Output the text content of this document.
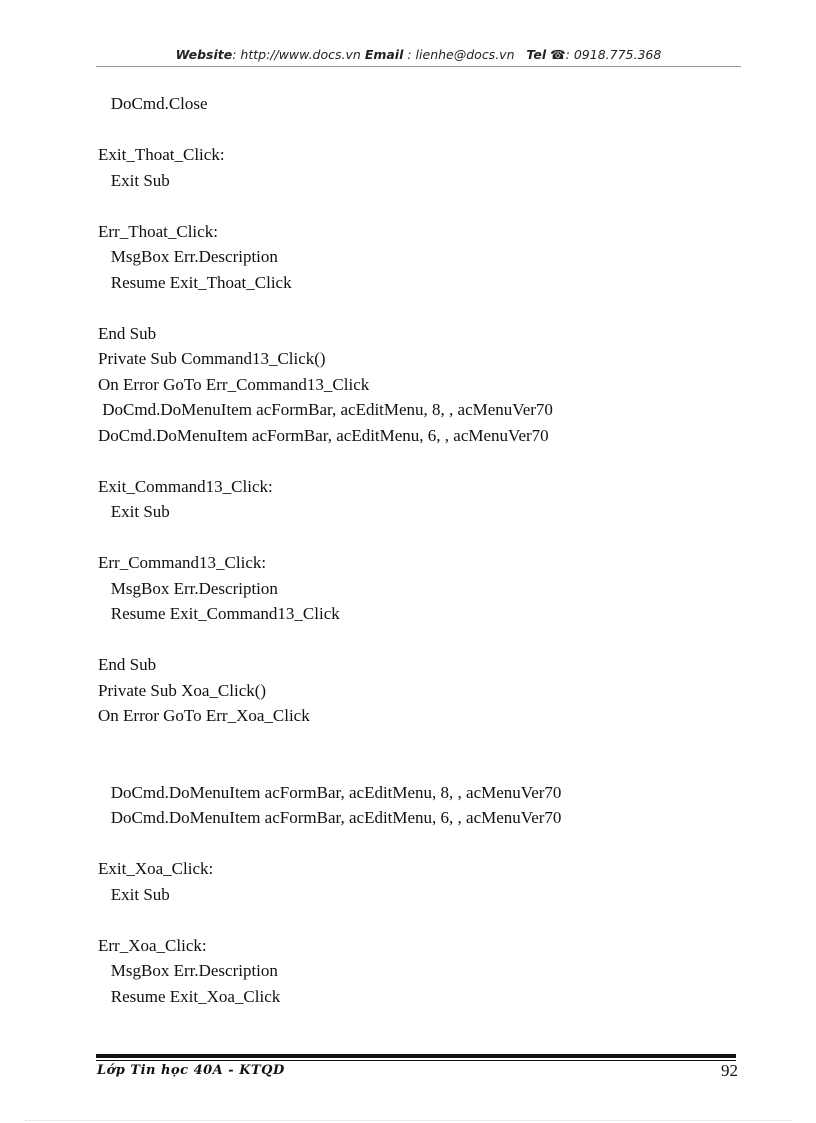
Website: http://www.docs.vn Email : lienhe@docs.vn Tel ☎: 0918.775.368
DoCmd.Close
Exit_Thoat_Click:
Exit Sub
Err_Thoat_Click:
MsgBox Err.Description
Resume Exit_Thoat_Click
End Sub
Private Sub Command13_Click()
On Error GoTo Err_Command13_Click
DoCmd.DoMenuItem acFormBar, acEditMenu, 8, , acMenuVer70
DoCmd.DoMenuItem acFormBar, acEditMenu, 6, , acMenuVer70
Exit_Command13_Click:
Exit Sub
Err_Command13_Click:
MsgBox Err.Description
Resume Exit_Command13_Click
End Sub
Private Sub Xoa_Click()
On Error GoTo Err_Xoa_Click
DoCmd.DoMenuItem acFormBar, acEditMenu, 8, , acMenuVer70
DoCmd.DoMenuItem acFormBar, acEditMenu, 6, , acMenuVer70
Exit_Xoa_Click:
Exit Sub
Err_Xoa_Click:
MsgBox Err.Description
Resume Exit_Xoa_Click
Lớp Tin học 40A - KTQD	92
